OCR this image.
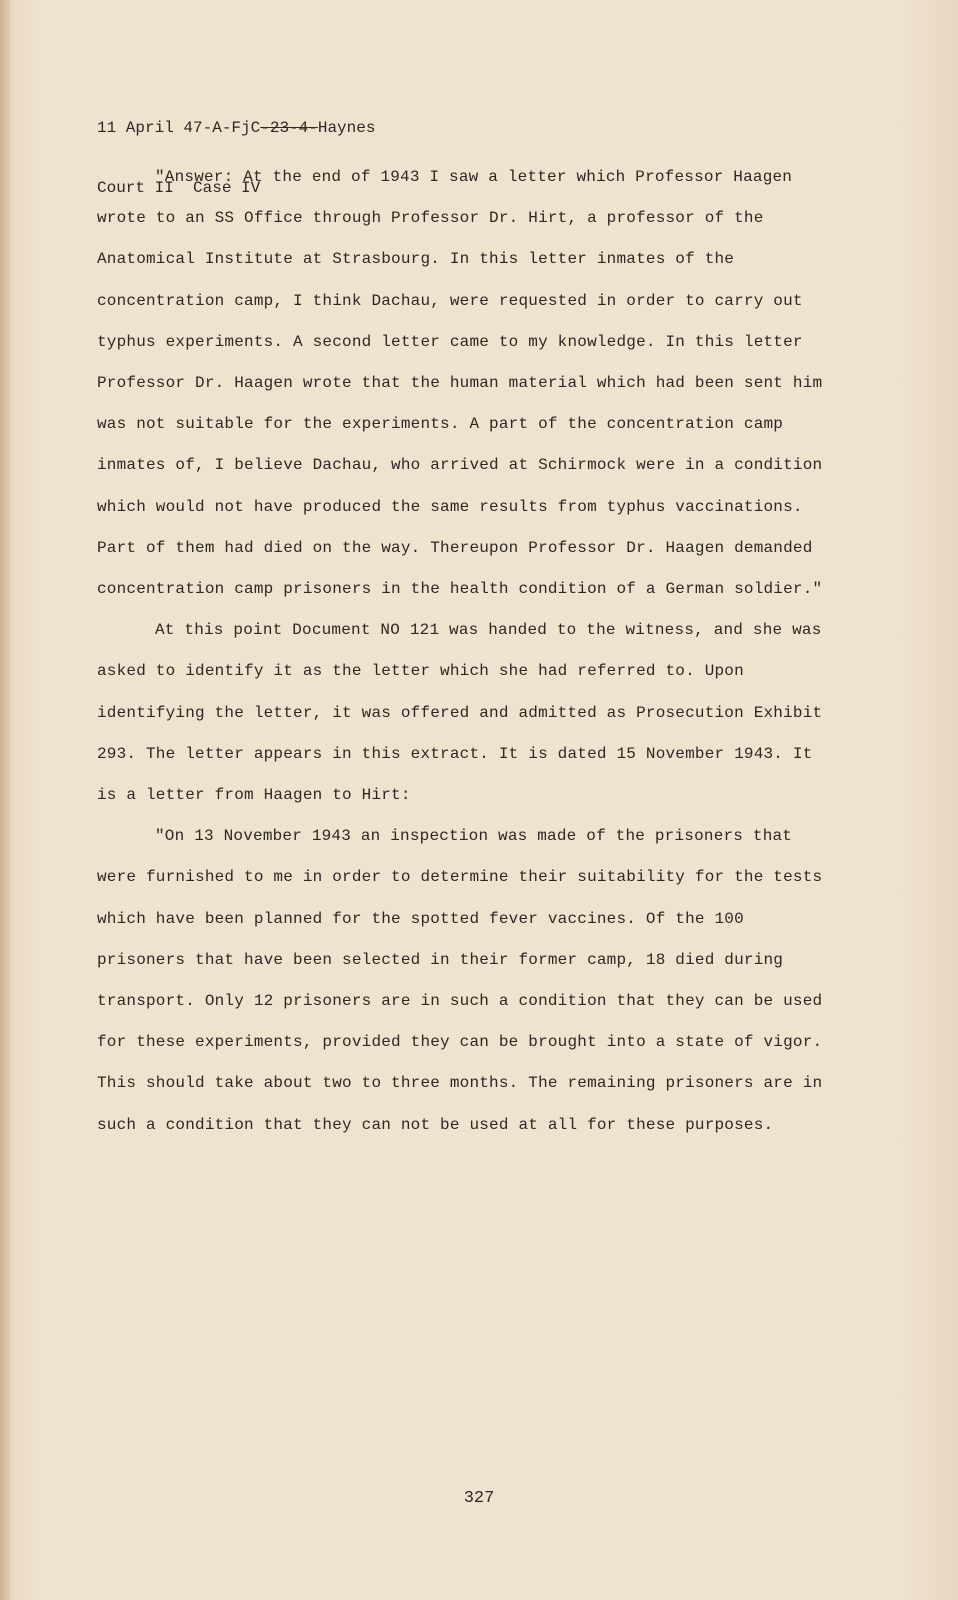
11 April 47-A-FjC-23-4-Haynes

Court II  Case IV

"Answer: At the end of 1943 I saw a letter which Professor Haagen wrote to an SS Office through Professor Dr. Hirt, a professor of the Anatomical Institute at Strasbourg. In this letter inmates of the concentration camp, I think Dachau, were requested in order to carry out typhus experiments. A second letter came to my knowledge. In this letter Professor Dr. Haagen wrote that the human material which had been sent him was not suitable for the experiments. A part of the concentration camp inmates of, I believe Dachau, who arrived at Schirmock were in a condition which would not have produced the same results from typhus vaccinations. Part of them had died on the way. Thereupon Professor Dr. Haagen demanded concentration camp prisoners in the health condition of a German soldier."

At this point Document NO 121 was handed to the witness, and she was asked to identify it as the letter which she had referred to. Upon identifying the letter, it was offered and admitted as Prosecution Exhibit 293. The letter appears in this extract. It is dated 15 November 1943. It is a letter from Haagen to Hirt:

"On 13 November 1943 an inspection was made of the prisoners that were furnished to me in order to determine their suitability for the tests which have been planned for the spotted fever vaccines. Of the 100 prisoners that have been selected in their former camp, 18 died during transport. Only 12 prisoners are in such a condition that they can be used for these experiments, provided they can be brought into a state of vigor. This should take about two to three months. The remaining prisoners are in such a condition that they can not be used at all for these purposes.

327
